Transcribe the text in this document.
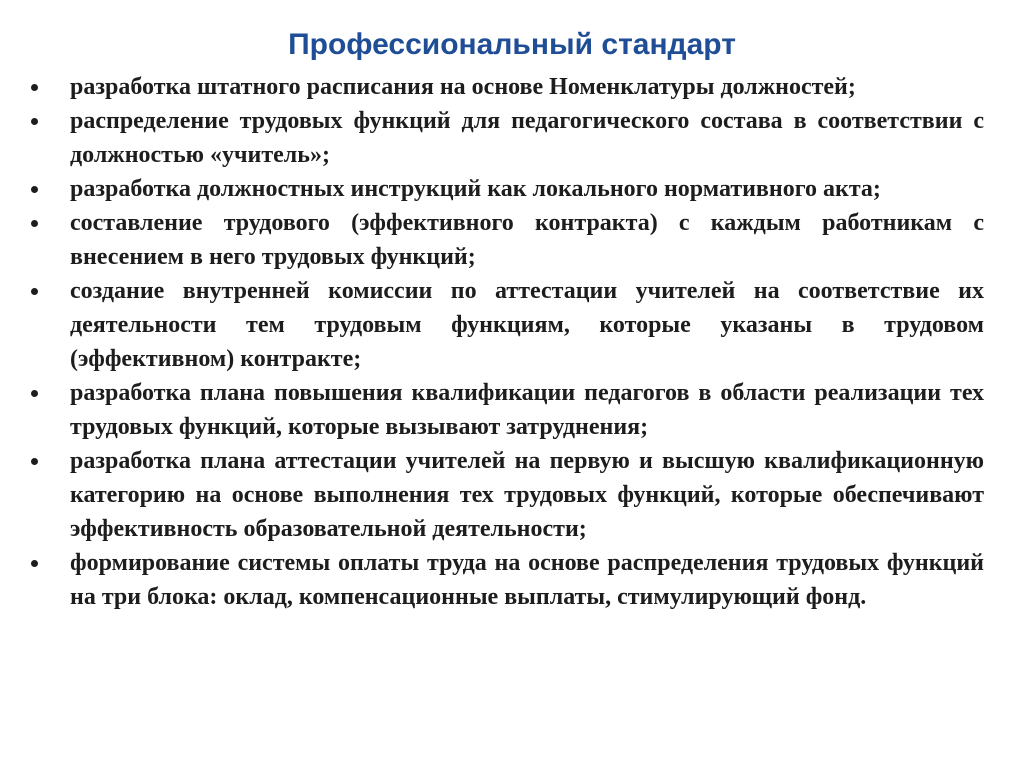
Профессиональный стандарт
разработка штатного расписания на основе Номенклатуры должностей;
распределение трудовых функций для педагогического состава в соответствии с должностью «учитель»;
разработка должностных инструкций как локального нормативного акта;
составление трудового (эффективного контракта) с каждым работникам с внесением в него трудовых функций;
создание внутренней комиссии по аттестации учителей на соответствие их деятельности тем трудовым функциям, которые указаны в трудовом (эффективном) контракте;
разработка плана повышения квалификации педагогов в области реализации тех трудовых функций, которые вызывают затруднения;
разработка плана аттестации учителей на первую и высшую квалификационную категорию на основе выполнения тех трудовых функций, которые обеспечивают эффективность образовательной деятельности;
формирование системы оплаты труда на основе распределения трудовых функций на три блока: оклад, компенсационные выплаты, стимулирующий фонд.
